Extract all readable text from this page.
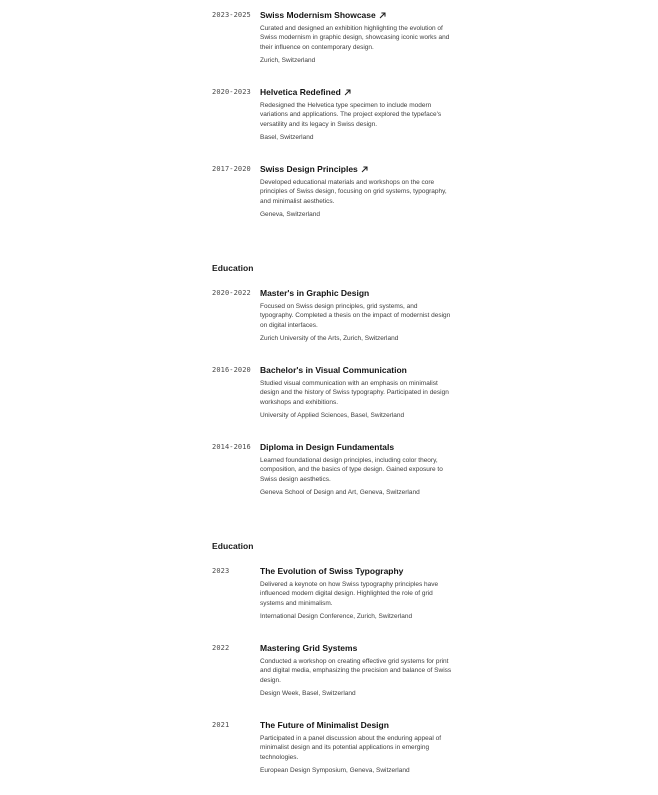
2023-2025 Swiss Modernism Showcase
Curated and designed an exhibition highlighting the evolution of Swiss modernism in graphic design, showcasing iconic works and their influence on contemporary design.
Zurich, Switzerland
2020-2023 Helvetica Redefined
Redesigned the Helvetica type specimen to include modern variations and applications. The project explored the typeface's versatility and its legacy in Swiss design.
Basel, Switzerland
2017-2020 Swiss Design Principles
Developed educational materials and workshops on the core principles of Swiss design, focusing on grid systems, typography, and minimalist aesthetics.
Geneva, Switzerland
Education
2020-2022 Master's in Graphic Design
Focused on Swiss design principles, grid systems, and typography. Completed a thesis on the impact of modernist design on digital interfaces.
Zurich University of the Arts, Zurich, Switzerland
2016-2020 Bachelor's in Visual Communication
Studied visual communication with an emphasis on minimalist design and the history of Swiss typography. Participated in design workshops and exhibitions.
University of Applied Sciences, Basel, Switzerland
2014-2016 Diploma in Design Fundamentals
Learned foundational design principles, including color theory, composition, and the basics of type design. Gained exposure to Swiss design aesthetics.
Geneva School of Design and Art, Geneva, Switzerland
Education
2023	The Evolution of Swiss Typography
Delivered a keynote on how Swiss typography principles have influenced modern digital design. Highlighted the role of grid systems and minimalism.
International Design Conference, Zurich, Switzerland
2022	Mastering Grid Systems
Conducted a workshop on creating effective grid systems for print and digital media, emphasizing the precision and balance of Swiss design.
Design Week, Basel, Switzerland
2021	The Future of Minimalist Design
Participated in a panel discussion about the enduring appeal of minimalist design and its potential applications in emerging technologies.
European Design Symposium, Geneva, Switzerland
